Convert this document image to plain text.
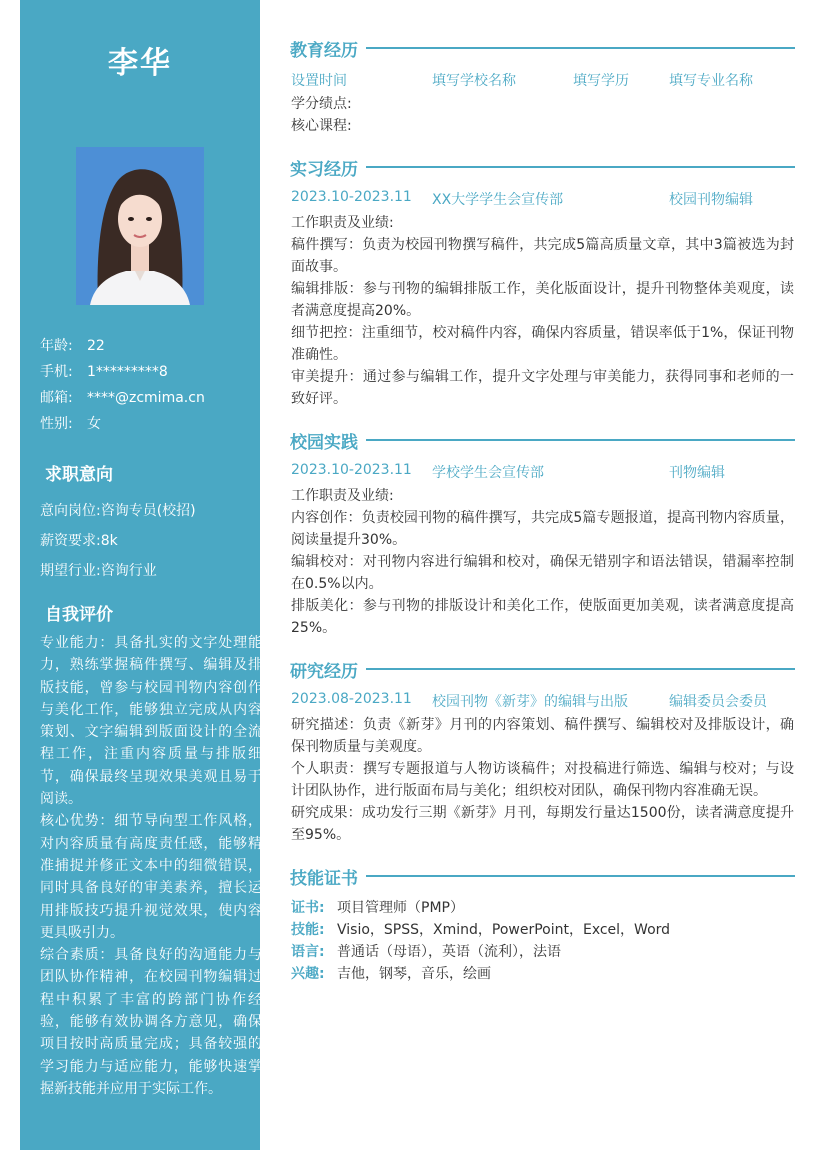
李华
年龄: 22
手机: 1*********8
邮箱: ****@zcmima.cn
性别: 女
求职意向
意向岗位:咨询专员(校招)
薪资要求:8k
期望行业:咨询行业
自我评价

专业能力：具备扎实的文字处理能力，熟练掌握稿件撰写、编辑及排版技能，曾参与校园刊物内容创作与美化工作，能够独立完成从内容策划、文字编辑到版面设计的全流程工作，注重内容质量与排版细节，确保最终呈现效果美观且易于阅读。

核心优势：细节导向型工作风格，对内容质量有高度责任感，能够精准捕捉并修正文本中的细微错误，同时具备良好的审美素养，擅长运用排版技巧提升视觉效果，使内容更具吸引力。

综合素质：具备良好的沟通能力与团队协作精神，在校园刊物编辑过程中积累了丰富的跨部门协作经验，能够有效协调各方意见，确保项目按时高质量完成；具备较强的学习能力与适应能力，能够快速掌握新技能并应用于实际工作。

教育经历
设置时间	填写学校名称	填写学历	填写专业名称

学分绩点:

核心课程:

实习经历
2023.10-2023.11 XX大学学生会宣传部	校园刊物编辑

工作职责及业绩:

稿件撰写：负责为校园刊物撰写稿件，共完成5篇高质量文章，其中3篇被选为封面故事。

编辑排版：参与刊物的编辑排版工作，美化版面设计，提升刊物整体美观度，读者满意度提高20%。

细节把控：注重细节，校对稿件内容，确保内容质量，错误率低于1%，保证刊物准确性。

审美提升：通过参与编辑工作，提升文字处理与审美能力，获得同事和老师的一致好评。

校园实践
2023.10-2023.11 学校学生会宣传部	刊物编辑

工作职责及业绩:

内容创作：负责校园刊物的稿件撰写，共完成5篇专题报道，提高刊物内容质量，阅读量提升30%。

编辑校对：对刊物内容进行编辑和校对，确保无错别字和语法错误，错漏率控制在0.5%以内。

排版美化：参与刊物的排版设计和美化工作，使版面更加美观，读者满意度提高25%。

研究经历
2023.08-2023.11 校园刊物《新芽》的编辑与出版	编辑委员会委员

研究描述：负责《新芽》月刊的内容策划、稿件撰写、编辑校对及排版设计，确保刊物质量与美观度。

个人职责：撰写专题报道与人物访谈稿件；对投稿进行筛选、编辑与校对；与设计团队协作，进行版面布局与美化；组织校对团队，确保刊物内容准确无误。

研究成果：成功发行三期《新芽》月刊，每期发行量达1500份，读者满意度提升至95%。

技能证书
证书: 项目管理师（PMP）
技能: Visio，SPSS，Xmind，PowerPoint，Excel，Word
语言: 普通话（母语），英语（流利），法语
兴趣: 吉他，钢琴，音乐，绘画
